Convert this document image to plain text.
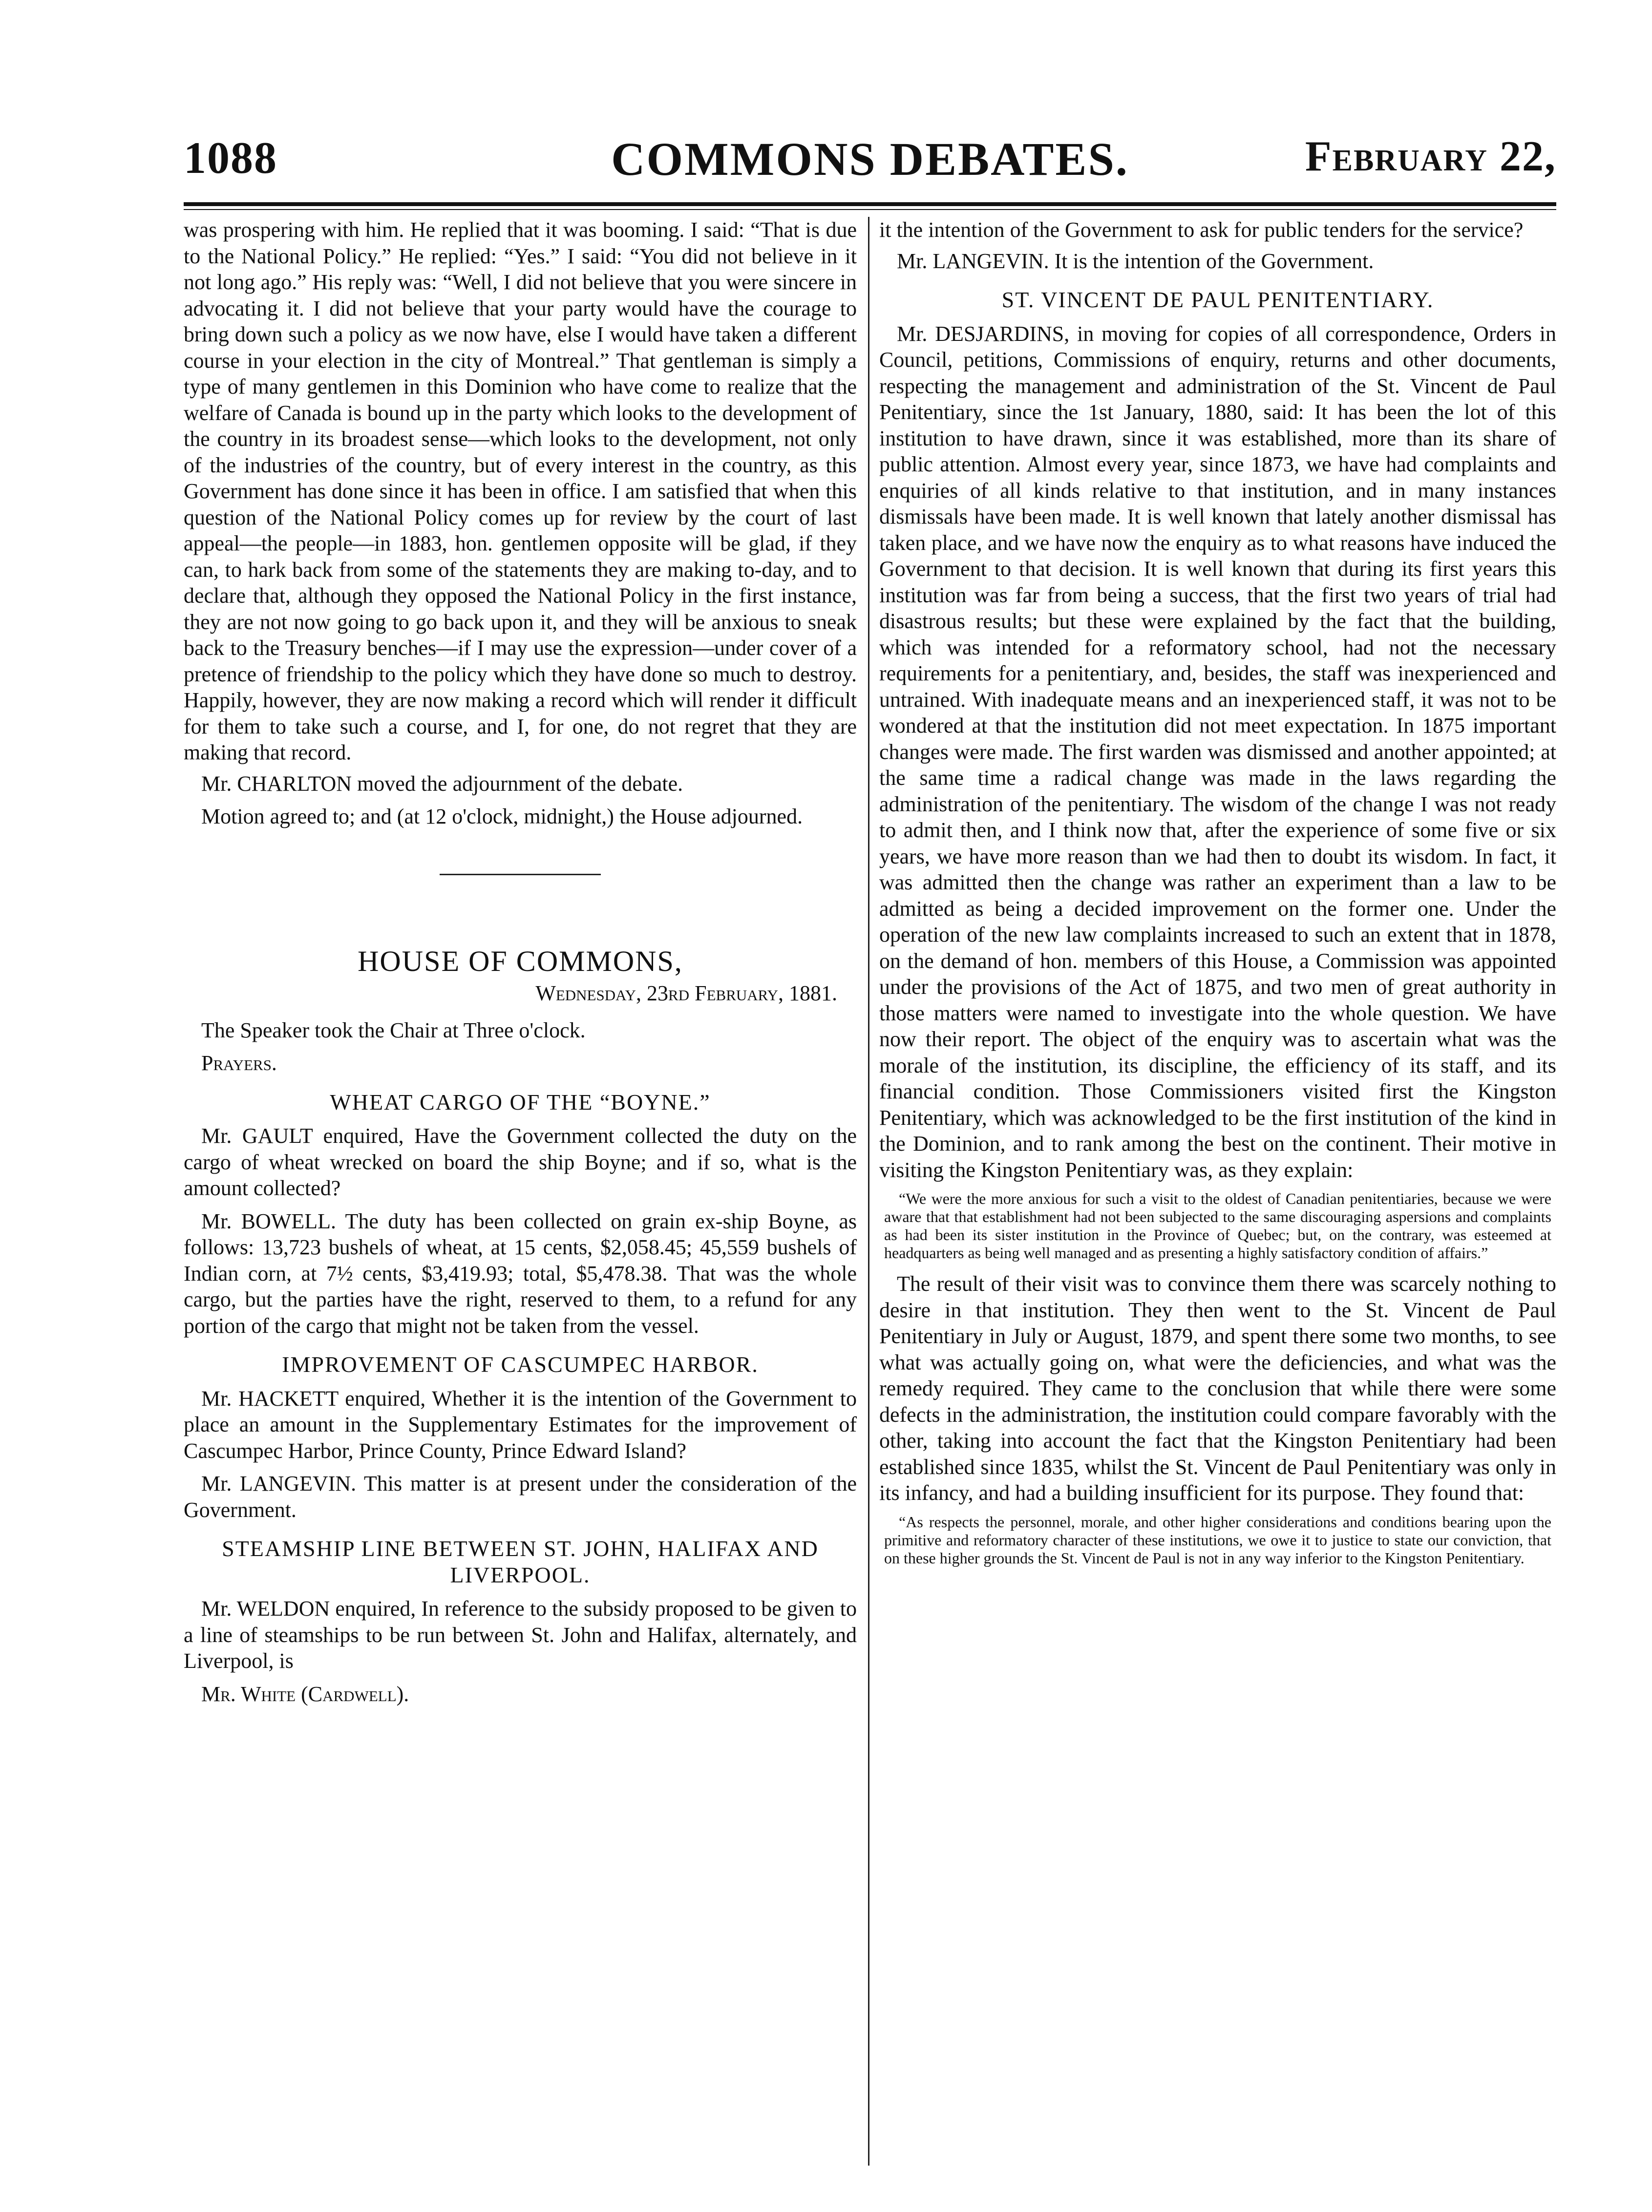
1088	COMMONS DEBATES.	February 22,

was prospering with him. He replied that it was booming. I said: “That is due to the National Policy.” He replied: “Yes.” I said: “You did not believe in it not long ago.” His reply was: “Well, I did not believe that you were sincere in advocating it. I did not believe that your party would have the courage to bring down such a policy as we now have, else I would have taken a different course in your election in the city of Montreal.” That gentleman is simply a type of many gentlemen in this Dominion who have come to realize that the welfare of Canada is bound up in the party which looks to the development of the country in its broadest sense—which looks to the development, not only of the industries of the country, but of every interest in the country, as this Government has done since it has been in office. I am satisfied that when this question of the National Policy comes up for review by the court of last appeal—the people—in 1883, hon. gentlemen opposite will be glad, if they can, to hark back from some of the statements they are making to-day, and to declare that, although they opposed the National Policy in the first instance, they are not now going to go back upon it, and they will be anxious to sneak back to the Treasury benches—if I may use the expression—under cover of a pretence of friendship to the policy which they have done so much to destroy. Happily, however, they are now making a record which will render it difficult for them to take such a course, and I, for one, do not regret that they are making that record.

Mr. CHARLTON moved the adjournment of the debate.

Motion agreed to; and (at 12 o'clock, midnight,) the House adjourned.

HOUSE OF COMMONS,
Wednesday, 23rd February, 1881.

The Speaker took the Chair at Three o'clock.

Prayers.

WHEAT CARGO OF THE “BOYNE.”

Mr. GAULT enquired, Have the Government collected the duty on the cargo of wheat wrecked on board the ship Boyne; and if so, what is the amount collected?

Mr. BOWELL. The duty has been collected on grain ex-ship Boyne, as follows: 13,723 bushels of wheat, at 15 cents, $2,058.45; 45,559 bushels of Indian corn, at 7½ cents, $3,419.93; total, $5,478.38. That was the whole cargo, but the parties have the right, reserved to them, to a refund for any portion of the cargo that might not be taken from the vessel.

IMPROVEMENT OF CASCUMPEC HARBOR.

Mr. HACKETT enquired, Whether it is the intention of the Government to place an amount in the Supplementary Estimates for the improvement of Cascumpec Harbor, Prince County, Prince Edward Island?

Mr. LANGEVIN. This matter is at present under the consideration of the Government.

STEAMSHIP LINE BETWEEN ST. JOHN, HALIFAX AND LIVERPOOL.

Mr. WELDON enquired, In reference to the subsidy proposed to be given to a line of steamships to be run between St. John and Halifax, alternately, and Liverpool, is

Mr. White (Cardwell).

it the intention of the Government to ask for public tenders for the service?

Mr. LANGEVIN. It is the intention of the Government.

ST. VINCENT DE PAUL PENITENTIARY.

Mr. DESJARDINS, in moving for copies of all correspondence, Orders in Council, petitions, Commissions of enquiry, returns and other documents, respecting the management and administration of the St. Vincent de Paul Penitentiary, since the 1st January, 1880, said: It has been the lot of this institution to have drawn, since it was established, more than its share of public attention. Almost every year, since 1873, we have had complaints and enquiries of all kinds relative to that institution, and in many instances dismissals have been made. It is well known that lately another dismissal has taken place, and we have now the enquiry as to what reasons have induced the Government to that decision. It is well known that during its first years this institution was far from being a success, that the first two years of trial had disastrous results; but these were explained by the fact that the building, which was intended for a reformatory school, had not the necessary requirements for a penitentiary, and, besides, the staff was inexperienced and untrained. With inadequate means and an inexperienced staff, it was not to be wondered at that the institution did not meet expectation. In 1875 important changes were made. The first warden was dismissed and another appointed; at the same time a radical change was made in the laws regarding the administration of the penitentiary. The wisdom of the change I was not ready to admit then, and I think now that, after the experience of some five or six years, we have more reason than we had then to doubt its wisdom. In fact, it was admitted then the change was rather an experiment than a law to be admitted as being a decided improvement on the former one. Under the operation of the new law complaints increased to such an extent that in 1878, on the demand of hon. members of this House, a Commission was appointed under the provisions of the Act of 1875, and two men of great authority in those matters were named to investigate into the whole question. We have now their report. The object of the enquiry was to ascertain what was the morale of the institution, its discipline, the efficiency of its staff, and its financial condition. Those Commissioners visited first the Kingston Penitentiary, which was acknowledged to be the first institution of the kind in the Dominion, and to rank among the best on the continent. Their motive in visiting the Kingston Penitentiary was, as they explain:

“We were the more anxious for such a visit to the oldest of Canadian penitentiaries, because we were aware that that establishment had not been subjected to the same discouraging aspersions and complaints as had been its sister institution in the Province of Quebec; but, on the contrary, was esteemed at headquarters as being well managed and as presenting a highly satisfactory condition of affairs.”

The result of their visit was to convince them there was scarcely nothing to desire in that institution. They then went to the St. Vincent de Paul Penitentiary in July or August, 1879, and spent there some two months, to see what was actually going on, what were the deficiencies, and what was the remedy required. They came to the conclusion that while there were some defects in the administration, the institution could compare favorably with the other, taking into account the fact that the Kingston Penitentiary had been established since 1835, whilst the St. Vincent de Paul Penitentiary was only in its infancy, and had a building insufficient for its purpose. They found that:

“As respects the personnel, morale, and other higher considerations and conditions bearing upon the primitive and reformatory character of these institutions, we owe it to justice to state our conviction, that on these higher grounds the St. Vincent de Paul is not in any way inferior to the Kingston Penitentiary.
